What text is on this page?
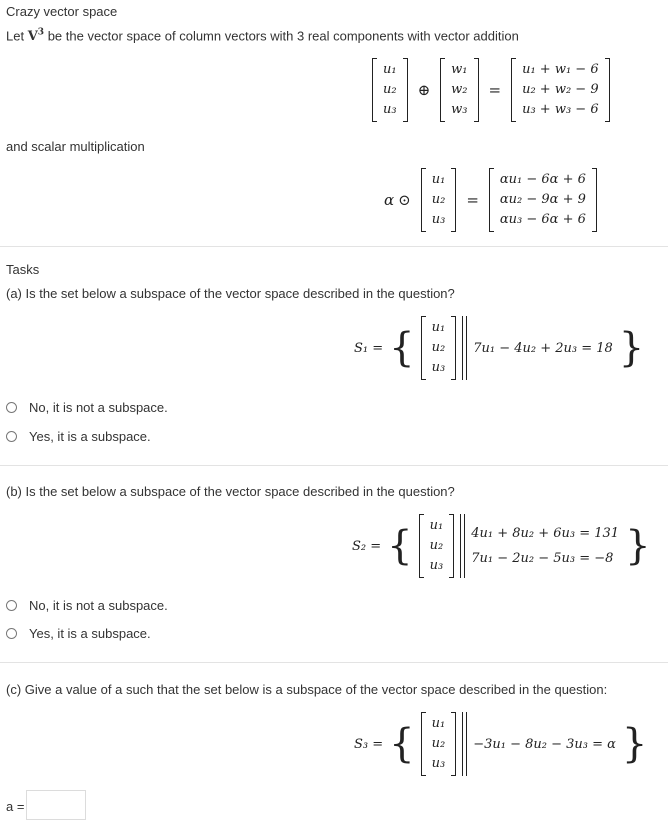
Crazy vector space
Let $V^3$ be the vector space of column vectors with 3 real components with vector addition
u₁
u₂
u₃
⊕
w₁
w₂
w₃
=
u₁ + w₁ − 6
u₂ + w₂ − 9
u₃ + w₃ − 6
and scalar multiplication
α ⊙
u₁
u₂
u₃
=
αu₁ − 6α + 6
αu₂ − 9α + 9
αu₃ − 6α + 6
Tasks
(a) Is the set below a subspace of the vector space described in the question?
S₁ = { u₁
u₂
u₃
7u₁ − 4u₂ + 2u₃ = 18 }
No, it is not a subspace.
Yes, it is a subspace.
(b) Is the set below a subspace of the vector space described in the question?
S₂ = { u₁
u₂
u₃
4u₁ + 8u₂ + 6u₃ = 131
7u₁ − 2u₂ − 5u₃ = −8 }
No, it is not a subspace.
Yes, it is a subspace.
(c) Give a value of a such that the set below is a subspace of the vector space described in the question:
S₃ = { u₁
u₂
u₃
−3u₁ − 8u₂ − 3u₃ = α }
a =
